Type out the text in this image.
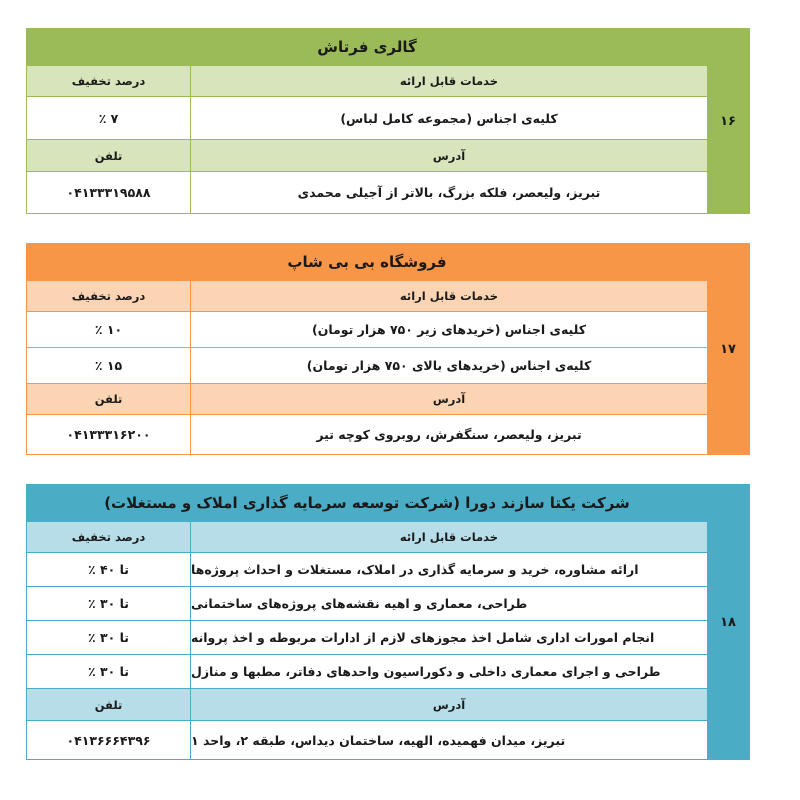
۱۶
گالری فرتاش
خدمات قابل ارائه
درصد تخفیف
کلیه‌ی اجناس (مجموعه کامل لباس)
۷ ٪
آدرس
تلفن
تبریز، ولیعصر، فلکه بزرگ، بالاتر از آجیلی محمدی
۰۴۱۳۳۳۱۹۵۸۸
۱۷
فروشگاه بی بی شاپ
خدمات قابل ارائه
درصد تخفیف
کلیه‌ی اجناس (خریدهای زیر ۷۵۰ هزار تومان)
۱۰ ٪
کلیه‌ی اجناس (خریدهای بالای ۷۵۰ هزار تومان)
۱۵ ٪
آدرس
تلفن
تبریز، ولیعصر، سنگفرش، روبروی کوچه تیر
۰۴۱۳۳۳۱۶۲۰۰
۱۸
شرکت یکتا سازند دورا (شرکت توسعه سرمایه گذاری املاک و مستغلات)
خدمات قابل ارائه
درصد تخفیف
ارائه مشاوره، خرید و سرمایه گذاری در املاک، مستغلات و احداث پروژه‌ها
تا ۴۰ ٪
طراحی، معماری و اهیه نقشه‌های پروژه‌های ساختمانی
تا ۳۰ ٪
انجام امورات اداری شامل اخذ مجوزهای لازم از ادارات مربوطه و اخذ پروانه
تا ۳۰ ٪
طراحی و اجرای معماری داخلی و دکوراسیون واحدهای دفاتر، مطبها و منازل
تا ۳۰ ٪
آدرس
تلفن
تبریز، میدان فهمیده، الهیه، ساختمان دیداس، طبقه ۲، واحد ۱
۰۴۱۳۶۶۶۴۳۹۶
